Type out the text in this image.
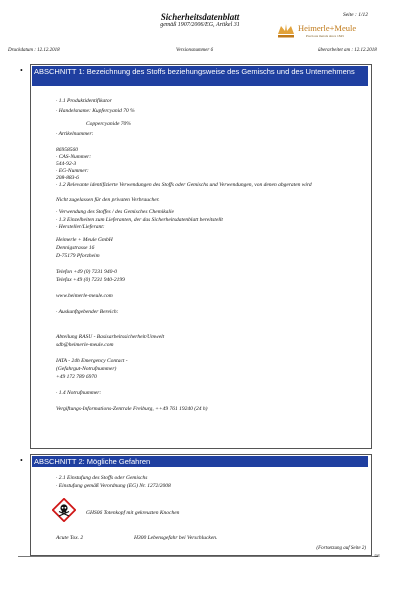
Sicherheitsdatenblatt
gemäß 1907/2006/EG, Artikel 31
Seite : 1/12
Heimerle+Meule
Precious metals since 1845
Druckdatum : 12.12.2018	Versionsnummer 6	überarbeitet am : 12.12.2018
• ABSCHNITT 1: Bezeichnung des Stoffs beziehungsweise des Gemischs und des Unternehmens
· 1.1 Produktidentifikator
· Handelsname: Kupfercyanid 70 %
Coppercyanide 70%
· Artikelnummer:
86958560
· CAS-Nummer:
544-92-3
· EG-Nummer:
208-883-6
· 1.2 Relevante identifizierte Verwendungen des Stoffs oder Gemischs und Verwendungen, von denen abgeraten wird
Nicht zugelassen für den privaten Verbraucher.
· Verwendung des Stoffes / des Gemisches Chemikalie
· 1.3 Einzelheiten zum Lieferanten, der das Sicherheitsdatenblatt bereitstellt
· Hersteller/Lieferant:
Heimerle + Meule GmbH
Dennigstrasse 16
D-75179 Pforzheim
Telefon +49 (0) 7231 940-0
Telefax +49 (0) 7231 940-2199
www.heimerle-meule.com
· Auskunftgebender Bereich:
Abteilung RASU - Basisarbeitssicherheit/Umwelt
sdb@heimerle-meule.com
IATA - 24h Emergency Contact -
(Gefahrgut-Notrufnummer)
+49 172 789 6970
· 1.4 Notrufnummer:
Vergiftungs-Informations-Zentrale Freiburg, ++49 761 19240 (24 h)
• ABSCHNITT 2: Mögliche Gefahren
· 2.1 Einstufung des Stoffs oder Gemischs
· Einstufung gemäß Verordnung (EG) Nr. 1272/2008
GHS06 Totenkopf mit gekreuzten Knochen
Acute Tox. 2	H300 Lebensgefahr bei Verschlucken.
(Fortsetzung auf Seite 2)
DE
